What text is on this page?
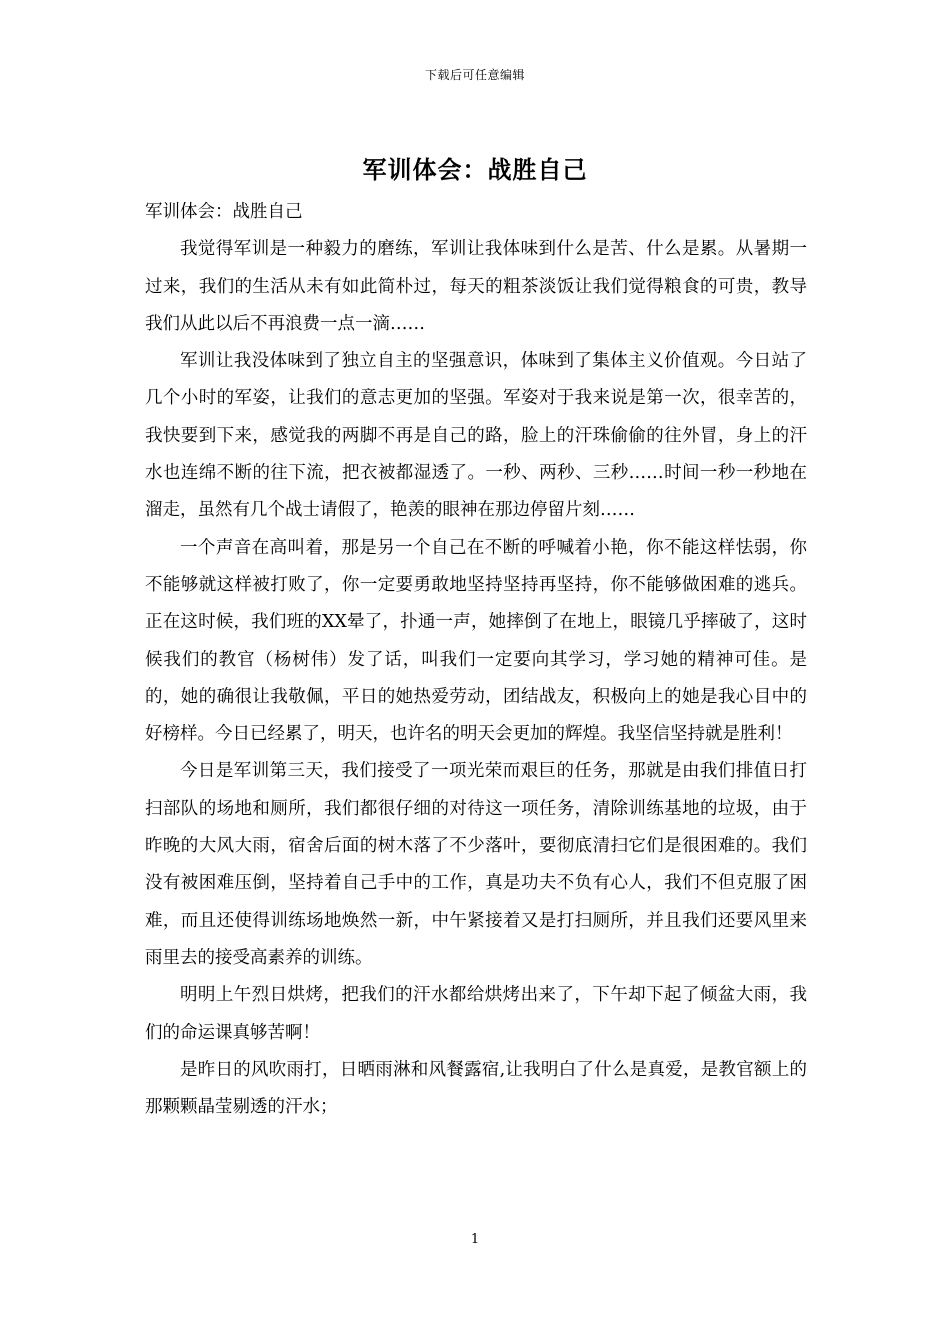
下载后可任意编辑
军训体会：战胜自己

军训体会：战胜自己

我觉得军训是一种毅力的磨练，军训让我体味到什么是苦、什么是累。从暑期一过来，我们的生活从未有如此简朴过，每天的粗茶淡饭让我们觉得粮食的可贵，教导我们从此以后不再浪费一点一滴……

军训让我没体味到了独立自主的坚强意识，体味到了集体主义价值观。今日站了几个小时的军姿，让我们的意志更加的坚强。军姿对于我来说是第一次，很幸苦的，我快要到下来，感觉我的两脚不再是自己的路，脸上的汗珠偷偷的往外冒，身上的汗水也连绵不断的往下流，把衣被都湿透了。一秒、两秒、三秒……时间一秒一秒地在溜走，虽然有几个战士请假了，艳羡的眼神在那边停留片刻……

一个声音在高叫着，那是另一个自己在不断的呼喊着小艳，你不能这样怯弱，你不能够就这样被打败了，你一定要勇敢地坚持坚持再坚持，你不能够做困难的逃兵。正在这时候，我们班的XX晕了，扑通一声，她摔倒了在地上，眼镜几乎摔破了，这时候我们的教官（杨树伟）发了话，叫我们一定要向其学习，学习她的精神可佳。是的，她的确很让我敬佩，平日的她热爱劳动，团结战友，积极向上的她是我心目中的好榜样。今日已经累了，明天，也许名的明天会更加的辉煌。我坚信坚持就是胜利！

今日是军训第三天，我们接受了一项光荣而艰巨的任务，那就是由我们排值日打扫部队的场地和厕所，我们都很仔细的对待这一项任务，清除训练基地的垃圾，由于昨晚的大风大雨，宿舍后面的树木落了不少落叶，要彻底清扫它们是很困难的。我们没有被困难压倒，坚持着自己手中的工作，真是功夫不负有心人，我们不但克服了困难，而且还使得训练场地焕然一新，中午紧接着又是打扫厕所，并且我们还要风里来雨里去的接受高素养的训练。

明明上午烈日烘烤，把我们的汗水都给烘烤出来了，下午却下起了倾盆大雨，我们的命运课真够苦啊！

是昨日的风吹雨打，日晒雨淋和风餐露宿,让我明白了什么是真爱，是教官额上的那颗颗晶莹剔透的汗水；

1
